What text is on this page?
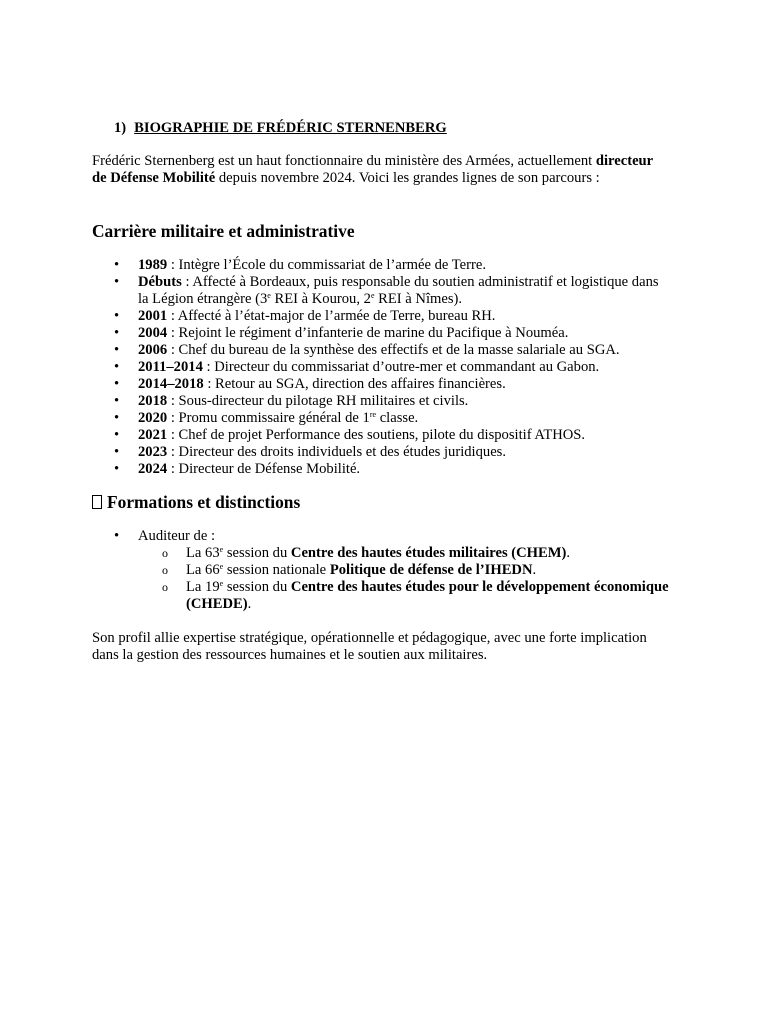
1) BIOGRAPHIE DE FRÉDÉRIC STERNENBERG
Frédéric Sternenberg est un haut fonctionnaire du ministère des Armées, actuellement directeur de Défense Mobilité depuis novembre 2024. Voici les grandes lignes de son parcours :
Carrière militaire et administrative
• 1989 : Intègre l’École du commissariat de l’armée de Terre.
• Débuts : Affecté à Bordeaux, puis responsable du soutien administratif et logistique dans la Légion étrangère (3e REI à Kourou, 2e REI à Nîmes).
• 2001 : Affecté à l’état-major de l’armée de Terre, bureau RH.
• 2004 : Rejoint le régiment d’infanterie de marine du Pacifique à Nouméa.
• 2006 : Chef du bureau de la synthèse des effectifs et de la masse salariale au SGA.
• 2011–2014 : Directeur du commissariat d’outre-mer et commandant au Gabon.
• 2014–2018 : Retour au SGA, direction des affaires financières.
• 2018 : Sous-directeur du pilotage RH militaires et civils.
• 2020 : Promu commissaire général de 1re classe.
• 2021 : Chef de projet Performance des soutiens, pilote du dispositif ATHOS.
• 2023 : Directeur des droits individuels et des études juridiques.
• 2024 : Directeur de Défense Mobilité.
Formations et distinctions
• Auditeur de :
o La 63e session du Centre des hautes études militaires (CHEM).
o La 66e session nationale Politique de défense de l’IHEDN.
o La 19e session du Centre des hautes études pour le développement économique (CHEDE).
Son profil allie expertise stratégique, opérationnelle et pédagogique, avec une forte implication dans la gestion des ressources humaines et le soutien aux militaires.
